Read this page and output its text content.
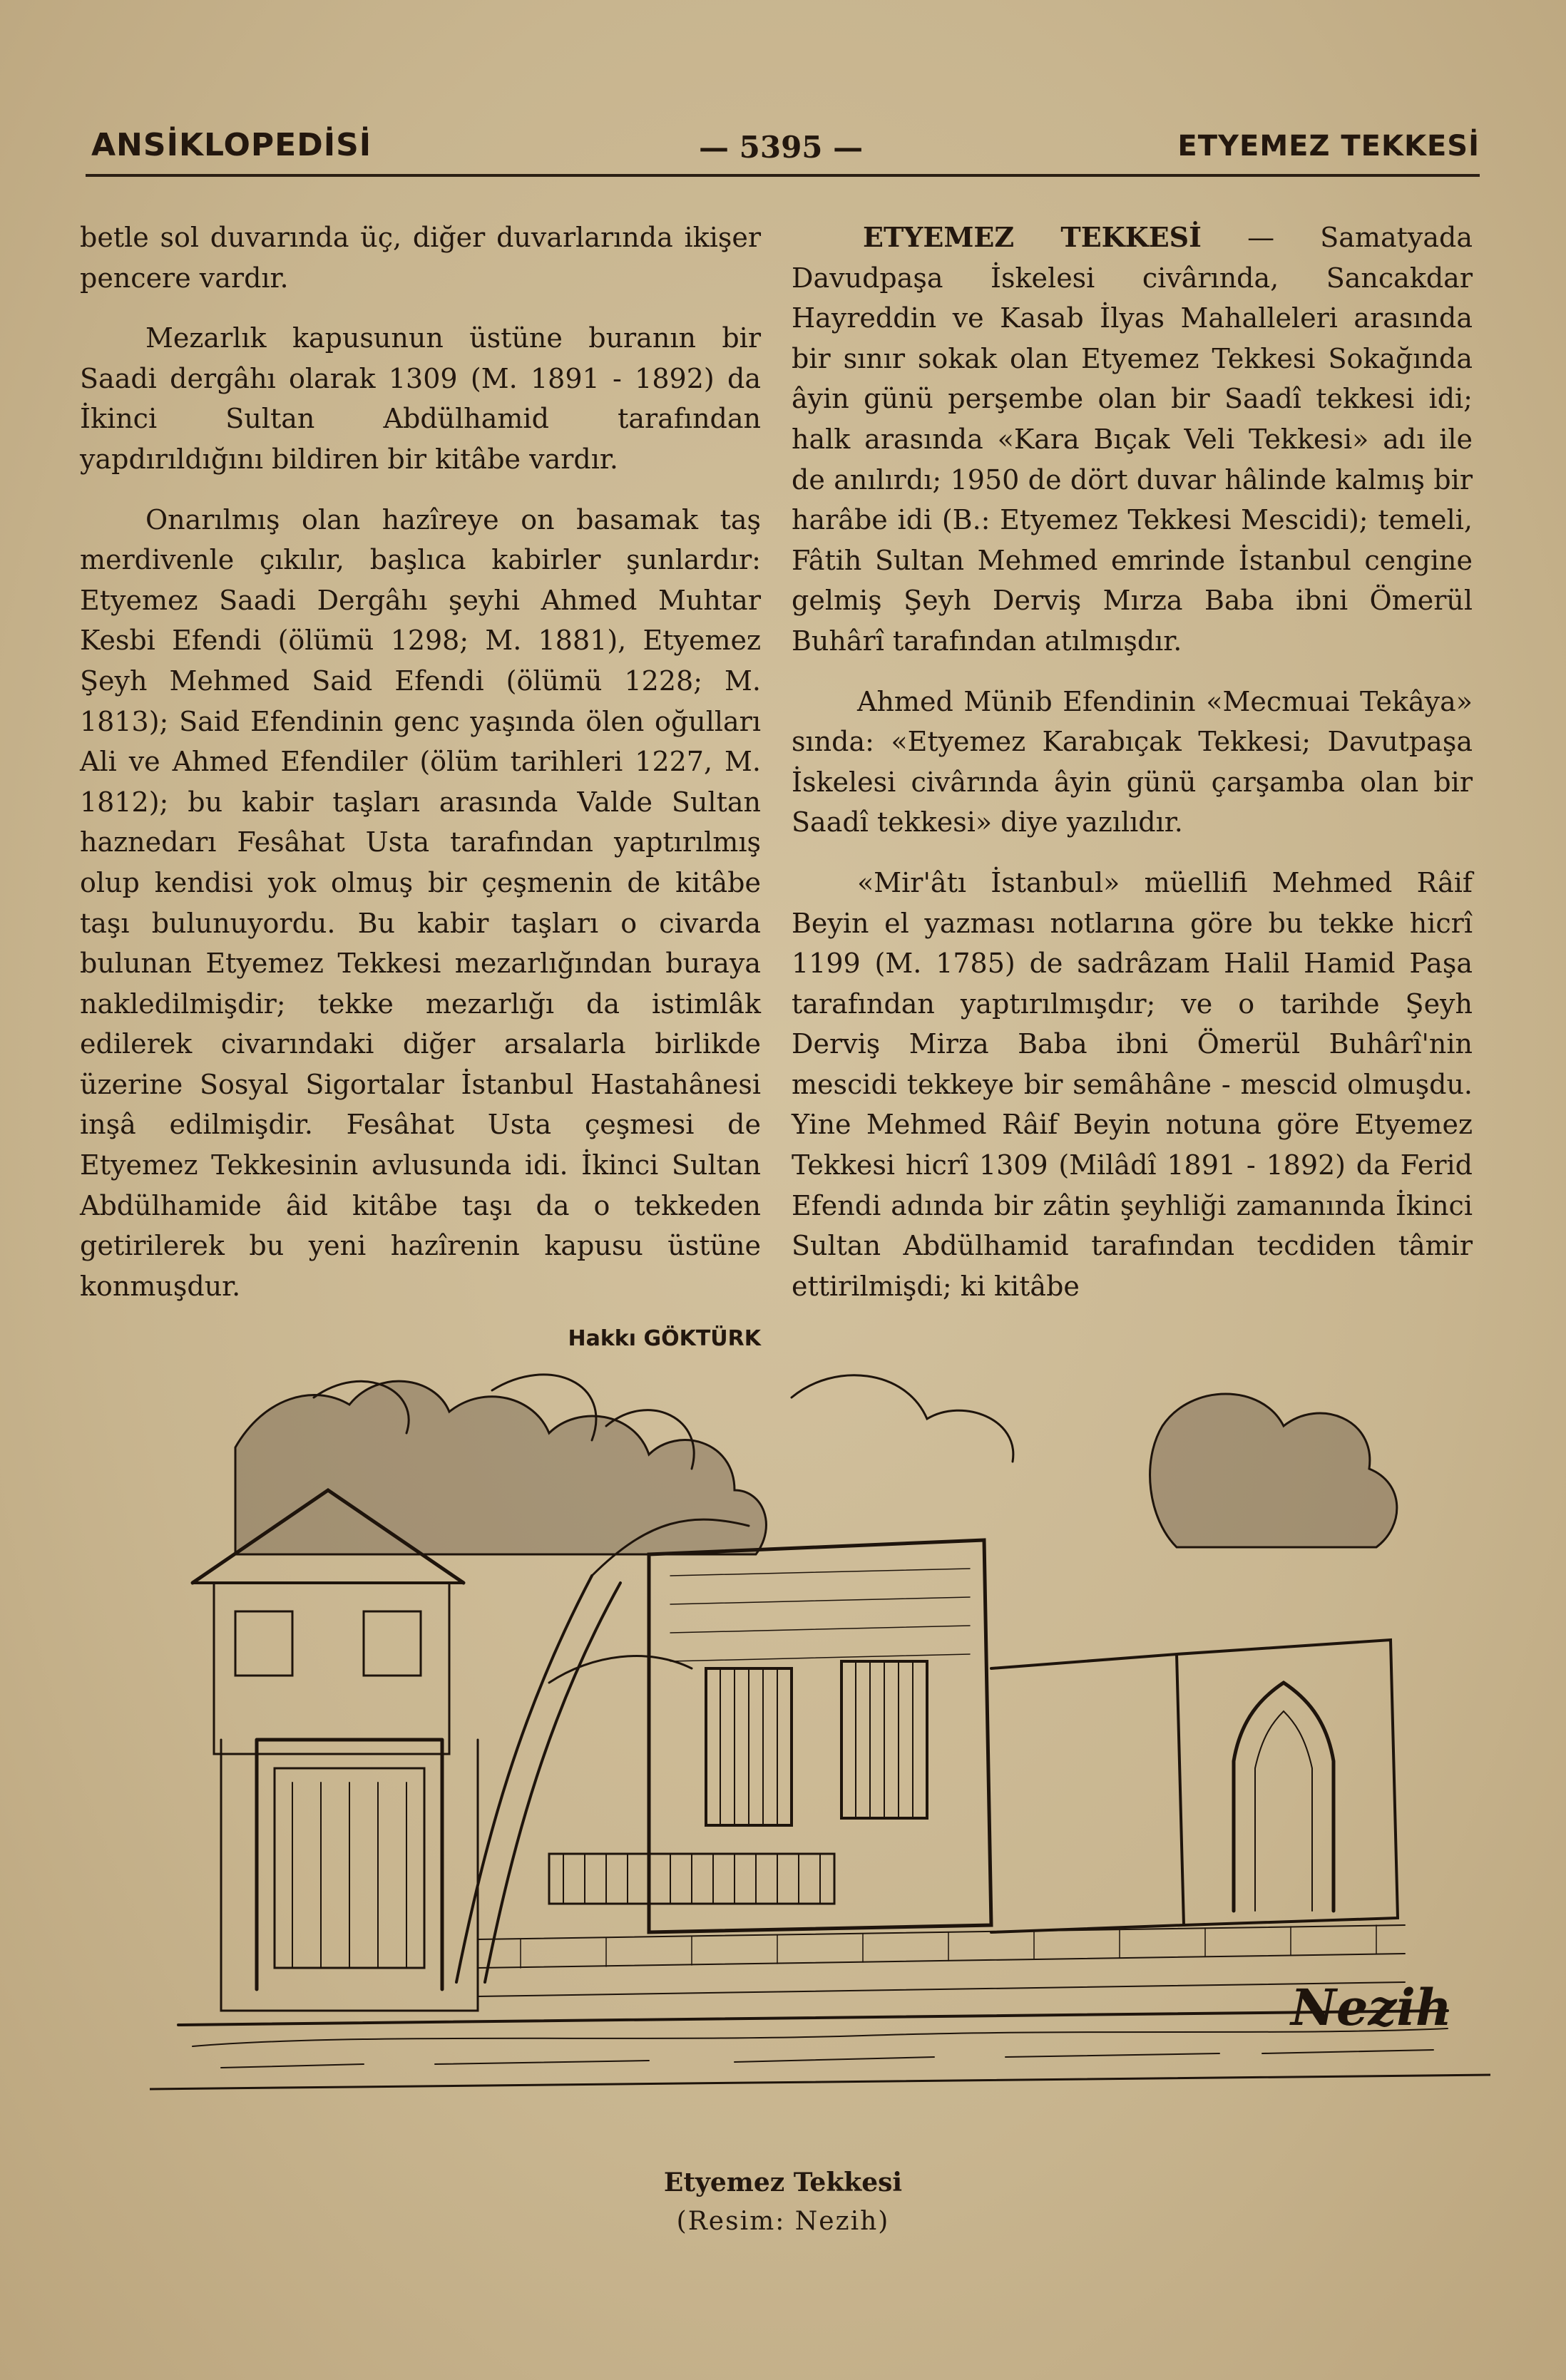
ANSİKLOPEDİSİ	— 5395 —	ETYEMEZ TEKKESİ

betle sol duvarında üç, diğer duvarlarında ikişer pencere vardır.

Mezarlık kapusunun üstüne buranın bir Saadi dergâhı olarak 1309 (M. 1891 - 1892) da İkinci Sultan Abdülhamid tarafından yapdırıldığını bildiren bir kitâbe vardır.

Onarılmış olan hazîreye on basamak taş merdivenle çıkılır, başlıca kabirler şunlardır: Etyemez Saadi Dergâhı şeyhi Ahmed Muhtar Kesbi Efendi (ölümü 1298; M. 1881), Etyemez Şeyh Mehmed Said Efendi (ölümü 1228; M. 1813); Said Efendinin genc yaşında ölen oğulları Ali ve Ahmed Efendiler (ölüm tarihleri 1227, M. 1812); bu kabir taşları arasında Valde Sultan haznedarı Fesâhat Usta tarafından yaptırılmış olup kendisi yok olmuş bir çeşmenin de kitâbe taşı bulunuyordu. Bu kabir taşları o civarda bulunan Etyemez Tekkesi mezarlığından buraya nakledilmişdir; tekke mezarlığı da istimlâk edilerek civarındaki diğer arsalarla birlikde üzerine Sosyal Sigortalar İstanbul Hastahânesi inşâ edilmişdir. Fesâhat Usta çeşmesi de Etyemez Tekkesinin avlusunda idi. İkinci Sultan Abdülhamide âid kitâbe taşı da o tekkeden getirilerek bu yeni hazîrenin kapusu üstüne konmuşdur.

Hakkı GÖKTÜRK

ETYEMEZ TEKKESİ — Samatyada Davudpaşa İskelesi civârında, Sancakdar Hayreddin ve Kasab İlyas Mahalleleri arasında bir sınır sokak olan Etyemez Tekkesi Sokağında âyin günü perşembe olan bir Saadî tekkesi idi; halk arasında «Kara Bıçak Veli Tekkesi» adı ile de anılırdı; 1950 de dört duvar hâlinde kalmış bir harâbe idi (B.: Etyemez Tekkesi Mescidi); temeli, Fâtih Sultan Mehmed emrinde İstanbul cengine gelmiş Şeyh Derviş Mırza Baba ibni Ömerül Buhârî tarafından atılmışdır.

Ahmed Münib Efendinin «Mecmuai Tekâya» sında: «Etyemez Karabıçak Tekkesi; Davutpaşa İskelesi civârında âyin günü çarşamba olan bir Saadî tekkesi» diye yazılıdır.

«Mir'âtı İstanbul» müellifi Mehmed Râif Beyin el yazması notlarına göre bu tekke hicrî 1199 (M. 1785) de sadrâzam Halil Hamid Paşa tarafından yaptırılmışdır; ve o tarihde Şeyh Derviş Mirza Baba ibni Ömerül Buhârî'nin mescidi tekkeye bir semâhâne - mescid olmuşdu. Yine Mehmed Râif Beyin notuna göre Etyemez Tekkesi hicrî 1309 (Milâdî 1891 - 1892) da Ferid Efendi adında bir zâtin şeyhliği zamanında İkinci Sultan Abdülhamid tarafından tecdiden tâmir ettirilmişdi; ki kitâbe

Nezih
Etyemez Tekkesi
(Resim: Nezih)
